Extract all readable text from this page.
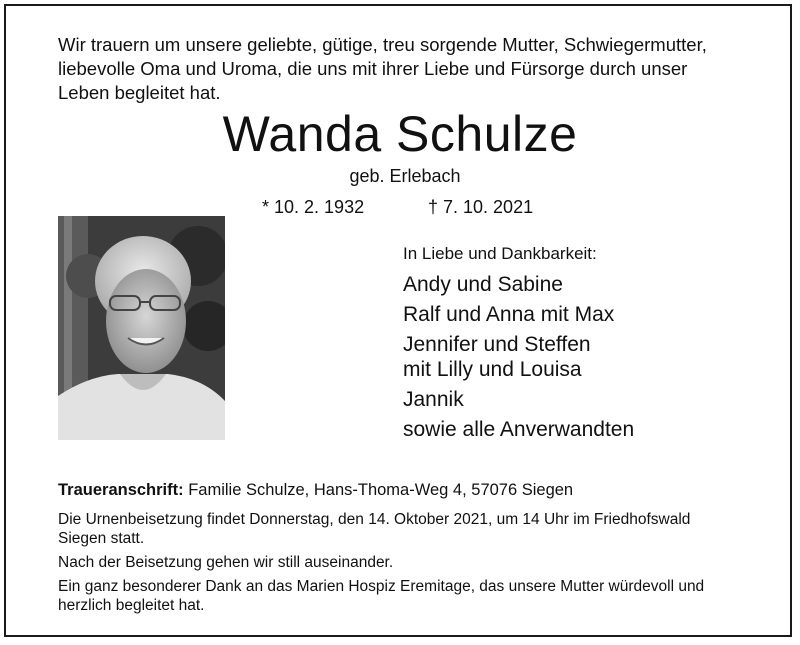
Wir trauern um unsere geliebte, gütige, treu sorgende Mutter, Schwiegermutter,
liebevolle Oma und Uroma, die uns mit ihrer Liebe und Fürsorge durch unser
Leben begleitet hat.
Wanda Schulze
geb. Erlebach
* 10. 2. 1932	† 7. 10. 2021
In Liebe und Dankbarkeit:
Andy und Sabine
Ralf und Anna mit Max
Jennifer und Steffen
mit Lilly und Louisa
Jannik
sowie alle Anverwandten
Traueranschrift: Familie Schulze, Hans-Thoma-Weg 4, 57076 Siegen

Die Urnenbeisetzung findet Donnerstag, den 14. Oktober 2021, um 14 Uhr im Friedhofswald Siegen statt.

Nach der Beisetzung gehen wir still auseinander.

Ein ganz besonderer Dank an das Marien Hospiz Eremitage, das unsere Mutter würdevoll und herzlich begleitet hat.
